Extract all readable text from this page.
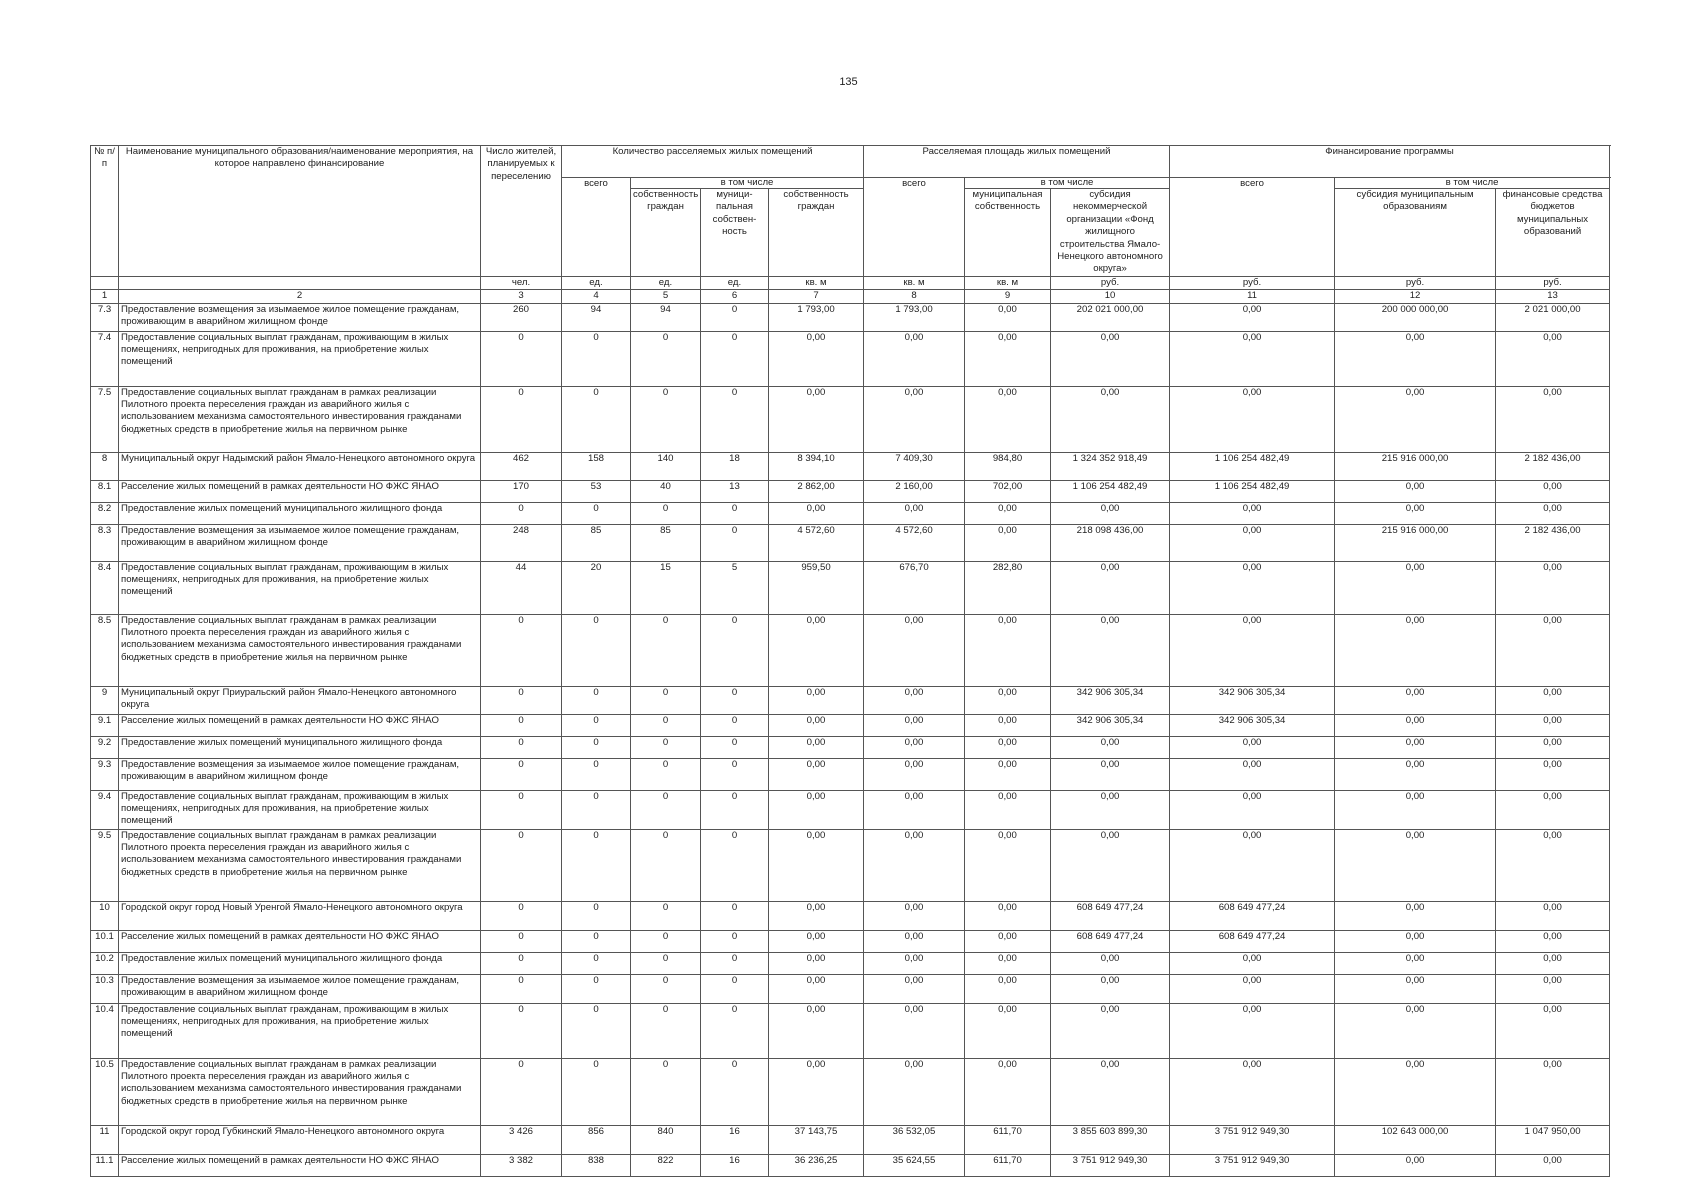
135
№ п/п	Наименование муниципального образования/наименование мероприятия, на которое направлено финансирование	Число жителей, планируемых к переселению	Количество расселяемых жилых помещений				Расселяемая площадь жилых помещений			Финансирование программы		
			всего	в том числе			всего	в том числе		всего	в том числе	
				собственность граждан	муници-пальная собствен-ность	собственность граждан		муниципальная собственность	субсидия некоммерческой организации «Фонд жилищного строительства Ямало-Ненецкого автономного округа»		субсидия муниципальным образованиям	финансовые средства бюджетов муниципальных образований
		чел.	ед.	ед.	ед.	кв. м	кв. м	кв. м	руб.	руб.	руб.	руб.
1	2	3	4	5	6	7	8	9	10	11	12	13
7.3	Предоставление возмещения за изымаемое жилое помещение гражданам, проживающим в аварийном жилищном фонде	260	94	94	0	1 793,00	1 793,00	0,00	202 021 000,00	0,00	200 000 000,00	2 021 000,00
7.4	Предоставление социальных выплат гражданам, проживающим в жилых помещениях, непригодных для проживания, на приобретение жилых помещений	0	0	0	0	0,00	0,00	0,00	0,00	0,00	0,00	0,00
7.5	Предоставление социальных выплат гражданам в рамках реализации Пилотного проекта переселения граждан из аварийного жилья с использованием механизма самостоятельного инвестирования гражданами бюджетных средств в приобретение жилья на первичном рынке	0	0	0	0	0,00	0,00	0,00	0,00	0,00	0,00	0,00
8	Муниципальный округ Надымский район Ямало-Ненецкого автономного округа	462	158	140	18	8 394,10	7 409,30	984,80	1 324 352 918,49	1 106 254 482,49	215 916 000,00	2 182 436,00
8.1	Расселение жилых помещений в рамках деятельности НО ФЖС ЯНАО	170	53	40	13	2 862,00	2 160,00	702,00	1 106 254 482,49	1 106 254 482,49	0,00	0,00
8.2	Предоставление жилых помещений муниципального жилищного фонда	0	0	0	0	0,00	0,00	0,00	0,00	0,00	0,00	0,00
8.3	Предоставление возмещения за изымаемое жилое помещение гражданам, проживающим в аварийном жилищном фонде	248	85	85	0	4 572,60	4 572,60	0,00	218 098 436,00	0,00	215 916 000,00	2 182 436,00
8.4	Предоставление социальных выплат гражданам, проживающим в жилых помещениях, непригодных для проживания, на приобретение жилых помещений	44	20	15	5	959,50	676,70	282,80	0,00	0,00	0,00	0,00
8.5	Предоставление социальных выплат гражданам в рамках реализации Пилотного проекта переселения граждан из аварийного жилья с использованием механизма самостоятельного инвестирования гражданами бюджетных средств в приобретение жилья на первичном рынке	0	0	0	0	0,00	0,00	0,00	0,00	0,00	0,00	0,00
9	Муниципальный округ Приуральский район Ямало-Ненецкого автономного округа	0	0	0	0	0,00	0,00	0,00	342 906 305,34	342 906 305,34	0,00	0,00
9.1	Расселение жилых помещений в рамках деятельности НО ФЖС ЯНАО	0	0	0	0	0,00	0,00	0,00	342 906 305,34	342 906 305,34	0,00	0,00
9.2	Предоставление жилых помещений муниципального жилищного фонда	0	0	0	0	0,00	0,00	0,00	0,00	0,00	0,00	0,00
9.3	Предоставление возмещения за изымаемое жилое помещение гражданам, проживающим в аварийном жилищном фонде	0	0	0	0	0,00	0,00	0,00	0,00	0,00	0,00	0,00
9.4	Предоставление социальных выплат гражданам, проживающим в жилых помещениях, непригодных для проживания, на приобретение жилых помещений	0	0	0	0	0,00	0,00	0,00	0,00	0,00	0,00	0,00
9.5	Предоставление социальных выплат гражданам в рамках реализации Пилотного проекта переселения граждан из аварийного жилья с использованием механизма самостоятельного инвестирования гражданами бюджетных средств в приобретение жилья на первичном рынке	0	0	0	0	0,00	0,00	0,00	0,00	0,00	0,00	0,00
10	Городской округ город Новый Уренгой Ямало-Ненецкого автономного округа	0	0	0	0	0,00	0,00	0,00	608 649 477,24	608 649 477,24	0,00	0,00
10.1	Расселение жилых помещений в рамках деятельности НО ФЖС ЯНАО	0	0	0	0	0,00	0,00	0,00	608 649 477,24	608 649 477,24	0,00	0,00
10.2	Предоставление жилых помещений муниципального жилищного фонда	0	0	0	0	0,00	0,00	0,00	0,00	0,00	0,00	0,00
10.3	Предоставление возмещения за изымаемое жилое помещение гражданам, проживающим в аварийном жилищном фонде	0	0	0	0	0,00	0,00	0,00	0,00	0,00	0,00	0,00
10.4	Предоставление социальных выплат гражданам, проживающим в жилых помещениях, непригодных для проживания, на приобретение жилых помещений	0	0	0	0	0,00	0,00	0,00	0,00	0,00	0,00	0,00
10.5	Предоставление социальных выплат гражданам в рамках реализации Пилотного проекта переселения граждан из аварийного жилья с использованием механизма самостоятельного инвестирования гражданами бюджетных средств в приобретение жилья на первичном рынке	0	0	0	0	0,00	0,00	0,00	0,00	0,00	0,00	0,00
11	Городской округ город Губкинский Ямало-Ненецкого автономного округа	3 426	856	840	16	37 143,75	36 532,05	611,70	3 855 603 899,30	3 751 912 949,30	102 643 000,00	1 047 950,00
11.1	Расселение жилых помещений в рамках деятельности НО ФЖС ЯНАО	3 382	838	822	16	36 236,25	35 624,55	611,70	3 751 912 949,30	3 751 912 949,30	0,00	0,00
